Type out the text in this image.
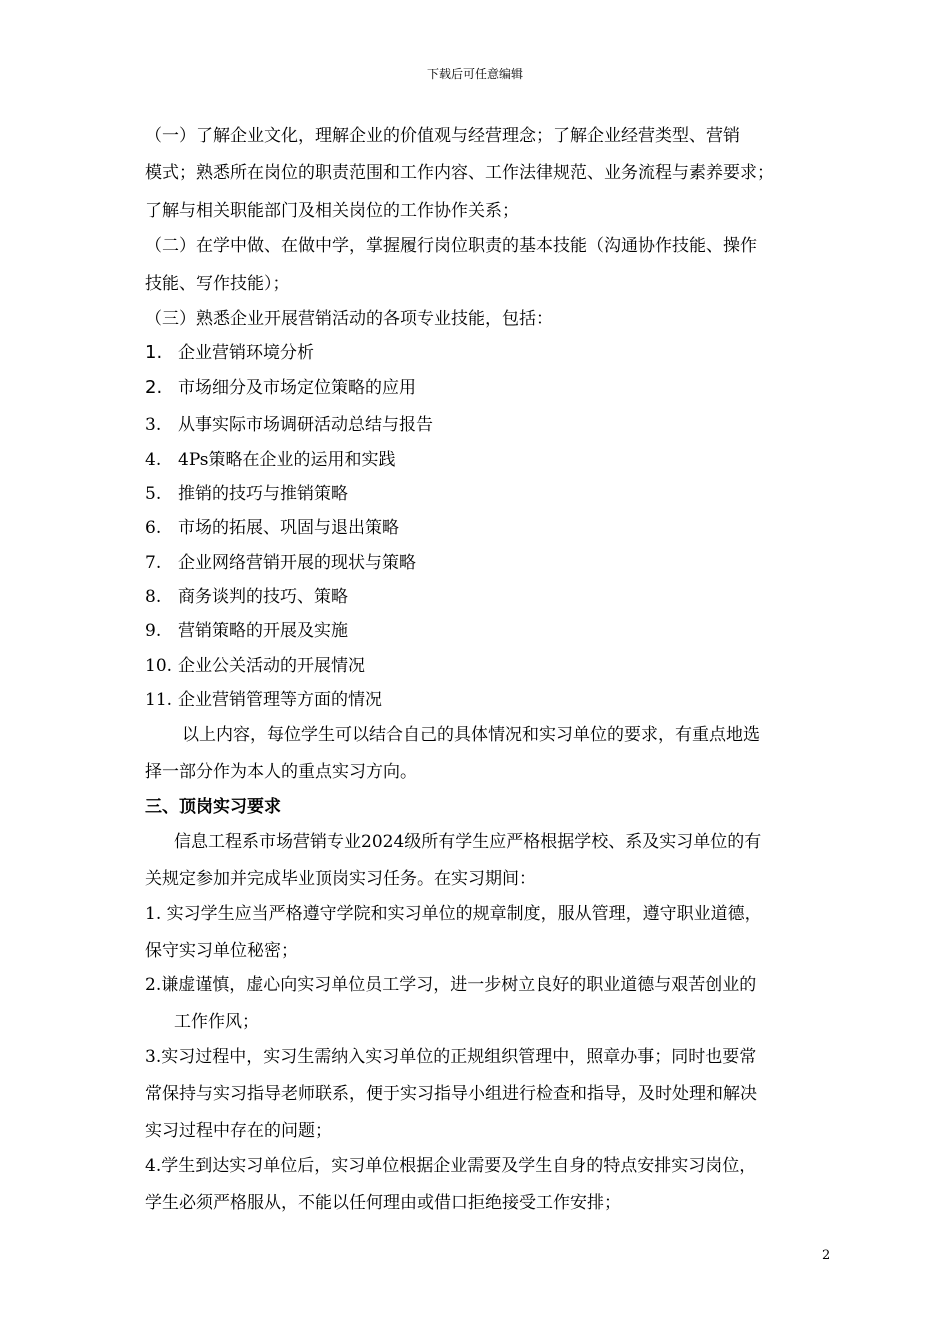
下载后可任意编辑
（一）了解企业文化，理解企业的价值观与经营理念；了解企业经营类型、营销
模式；熟悉所在岗位的职责范围和工作内容、工作法律规范、业务流程与素养要求；
了解与相关职能部门及相关岗位的工作协作关系；
（二）在学中做、在做中学，掌握履行岗位职责的基本技能（沟通协作技能、操作
技能、写作技能）；
（三）熟悉企业开展营销活动的各项专业技能，包括：
1. 企业营销环境分析
2. 市场细分及市场定位策略的应用
3. 从事实际市场调研活动总结与报告
4. 4Ps策略在企业的运用和实践
5. 推销的技巧与推销策略
6. 市场的拓展、巩固与退出策略
7. 企业网络营销开展的现状与策略
8. 商务谈判的技巧、策略
9. 营销策略的开展及实施
10. 企业公关活动的开展情况
11. 企业营销管理等方面的情况
以上内容，每位学生可以结合自己的具体情况和实习单位的要求，有重点地选
择一部分作为本人的重点实习方向。
三、顶岗实习要求
信息工程系市场营销专业2024级所有学生应严格根据学校、系及实习单位的有
关规定参加并完成毕业顶岗实习任务。在实习期间：
1. 实习学生应当严格遵守学院和实习单位的规章制度，服从管理，遵守职业道德，
保守实习单位秘密；
2.谦虚谨慎，虚心向实习单位员工学习，进一步树立良好的职业道德与艰苦创业的
工作作风；
3.实习过程中，实习生需纳入实习单位的正规组织管理中，照章办事；同时也要常
常保持与实习指导老师联系，便于实习指导小组进行检查和指导，及时处理和解决
实习过程中存在的问题；
4.学生到达实习单位后，实习单位根据企业需要及学生自身的特点安排实习岗位，
学生必须严格服从，不能以任何理由或借口拒绝接受工作安排；
2
